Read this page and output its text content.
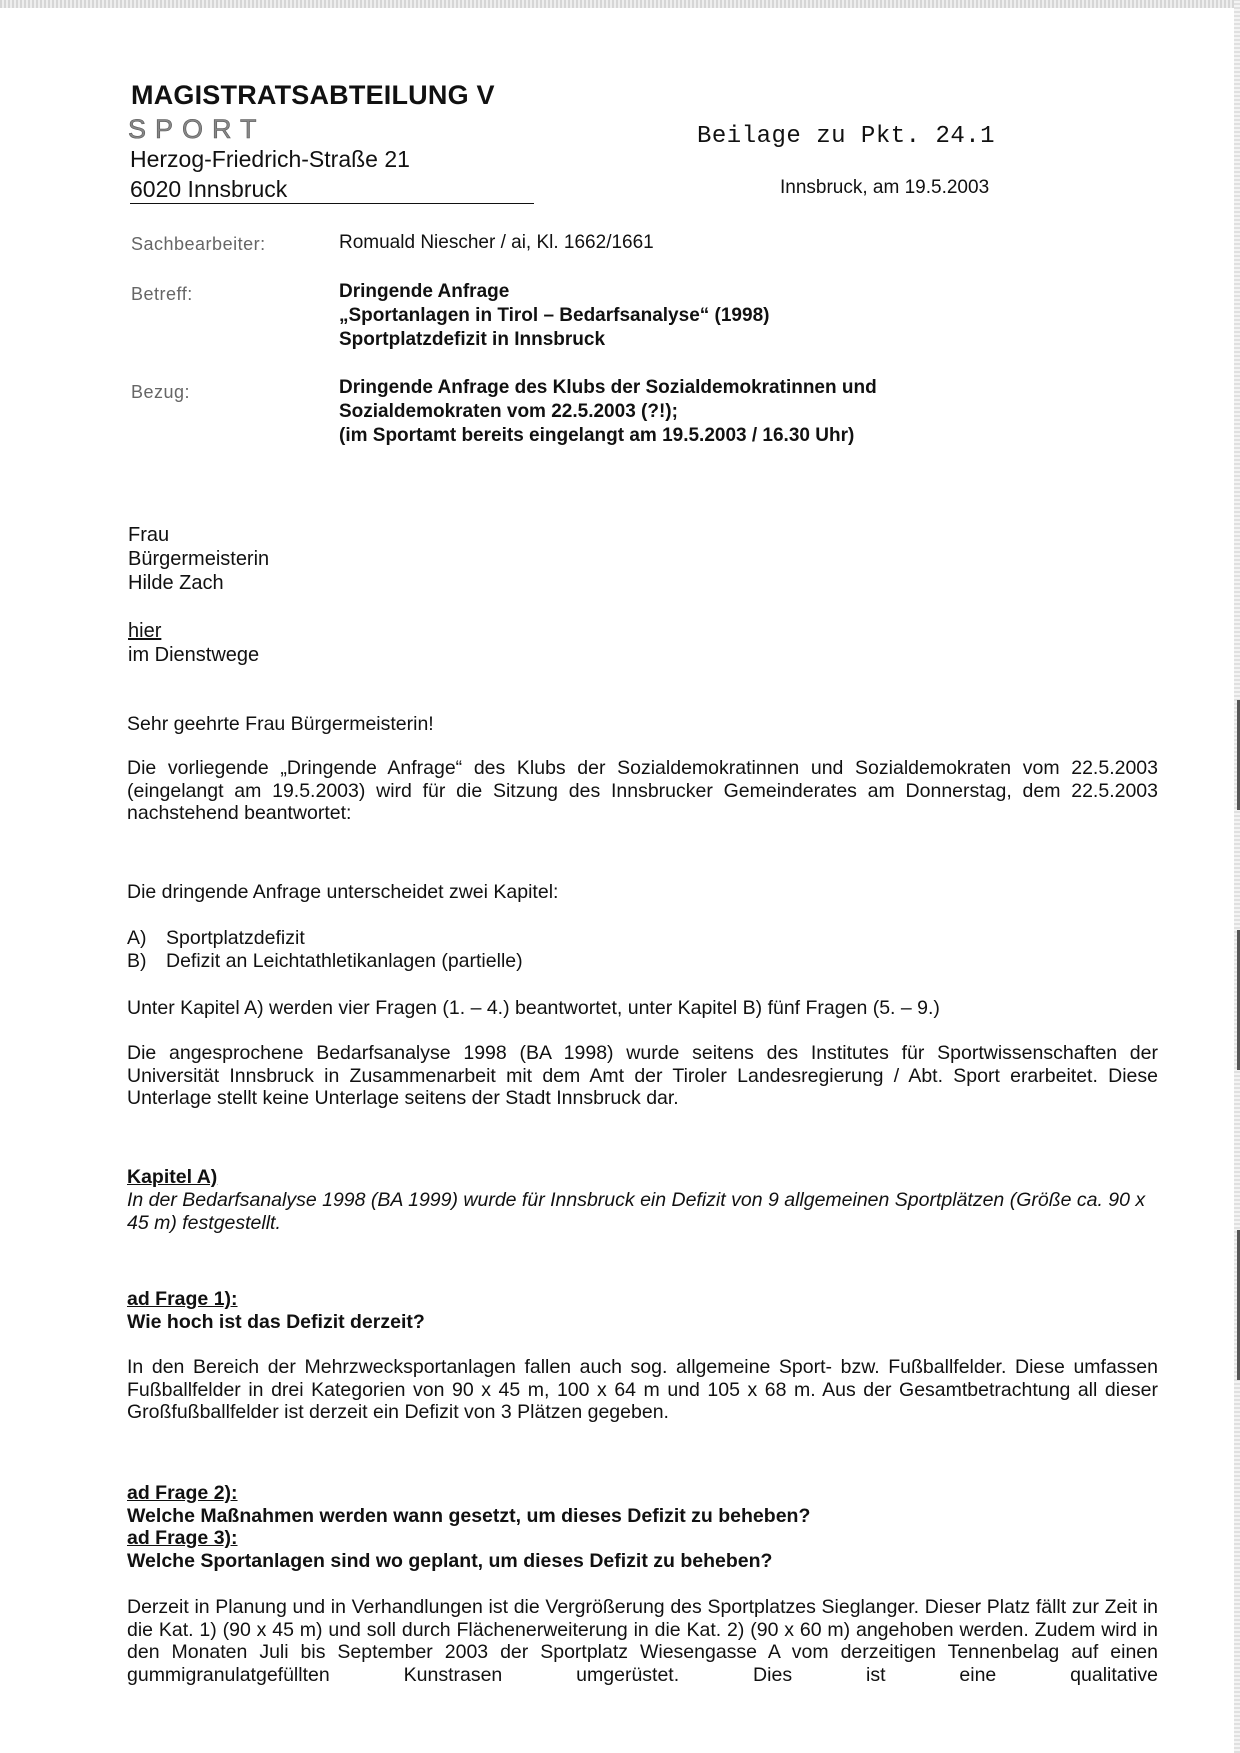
MAGISTRATSABTEILUNG V
SPORT
Herzog-Friedrich-Straße 21
6020 Innsbruck
Beilage zu Pkt. 24.1
Innsbruck, am 19.5.2003
Sachbearbeiter:	Romuald Niescher / ai, Kl. 1662/1661
Betreff:	Dringende Anfrage
„Sportanlagen in Tirol – Bedarfsanalyse“ (1998)
Sportplatzdefizit in Innsbruck
Bezug:	Dringende Anfrage des Klubs der Sozialdemokratinnen und
Sozialdemokraten vom 22.5.2003 (?!);
(im Sportamt bereits eingelangt am 19.5.2003 / 16.30 Uhr)
Frau
Bürgermeisterin
Hilde Zach
hier
im Dienstwege
Sehr geehrte Frau Bürgermeisterin!
Die vorliegende „Dringende Anfrage“ des Klubs der Sozialdemokratinnen und Sozialdemokraten vom 22.5.2003 (eingelangt am 19.5.2003) wird für die Sitzung des Innsbrucker Gemeinderates am Donnerstag, dem 22.5.2003 nachstehend beantwortet:
Die dringende Anfrage unterscheidet zwei Kapitel:
A) Sportplatzdefizit
B) Defizit an Leichtathletikanlagen (partielle)
Unter Kapitel A) werden vier Fragen (1. – 4.) beantwortet, unter Kapitel B) fünf Fragen (5. – 9.)
Die angesprochene Bedarfsanalyse 1998 (BA 1998) wurde seitens des Institutes für Sportwissenschaften der Universität Innsbruck in Zusammenarbeit mit dem Amt der Tiroler Landesregierung / Abt. Sport erarbeitet. Diese Unterlage stellt keine Unterlage seitens der Stadt Innsbruck dar.
Kapitel A)
In der Bedarfsanalyse 1998 (BA 1999) wurde für Innsbruck ein Defizit von 9 allgemeinen Sportplätzen (Größe ca. 90 x 45 m) festgestellt.
ad Frage 1):
Wie hoch ist das Defizit derzeit?
In den Bereich der Mehrzwecksportanlagen fallen auch sog. allgemeine Sport- bzw. Fußballfelder. Diese umfassen Fußballfelder in drei Kategorien von 90 x 45 m, 100 x 64 m und 105 x 68 m. Aus der Gesamtbetrachtung all dieser Großfußballfelder ist derzeit ein Defizit von 3 Plätzen gegeben.
ad Frage 2):
Welche Maßnahmen werden wann gesetzt, um dieses Defizit zu beheben?
ad Frage 3):
Welche Sportanlagen sind wo geplant, um dieses Defizit zu beheben?
Derzeit in Planung und in Verhandlungen ist die Vergrößerung des Sportplatzes Sieglanger. Dieser Platz fällt zur Zeit in die Kat. 1) (90 x 45 m) und soll durch Flächenerweiterung in die Kat. 2) (90 x 60 m) angehoben werden. Zudem wird in den Monaten Juli bis September 2003 der Sportplatz Wiesengasse A vom derzeitigen Tennenbelag auf einen gummigranulatgefüllten Kunstrasen umgerüstet. Dies ist eine qualitative
